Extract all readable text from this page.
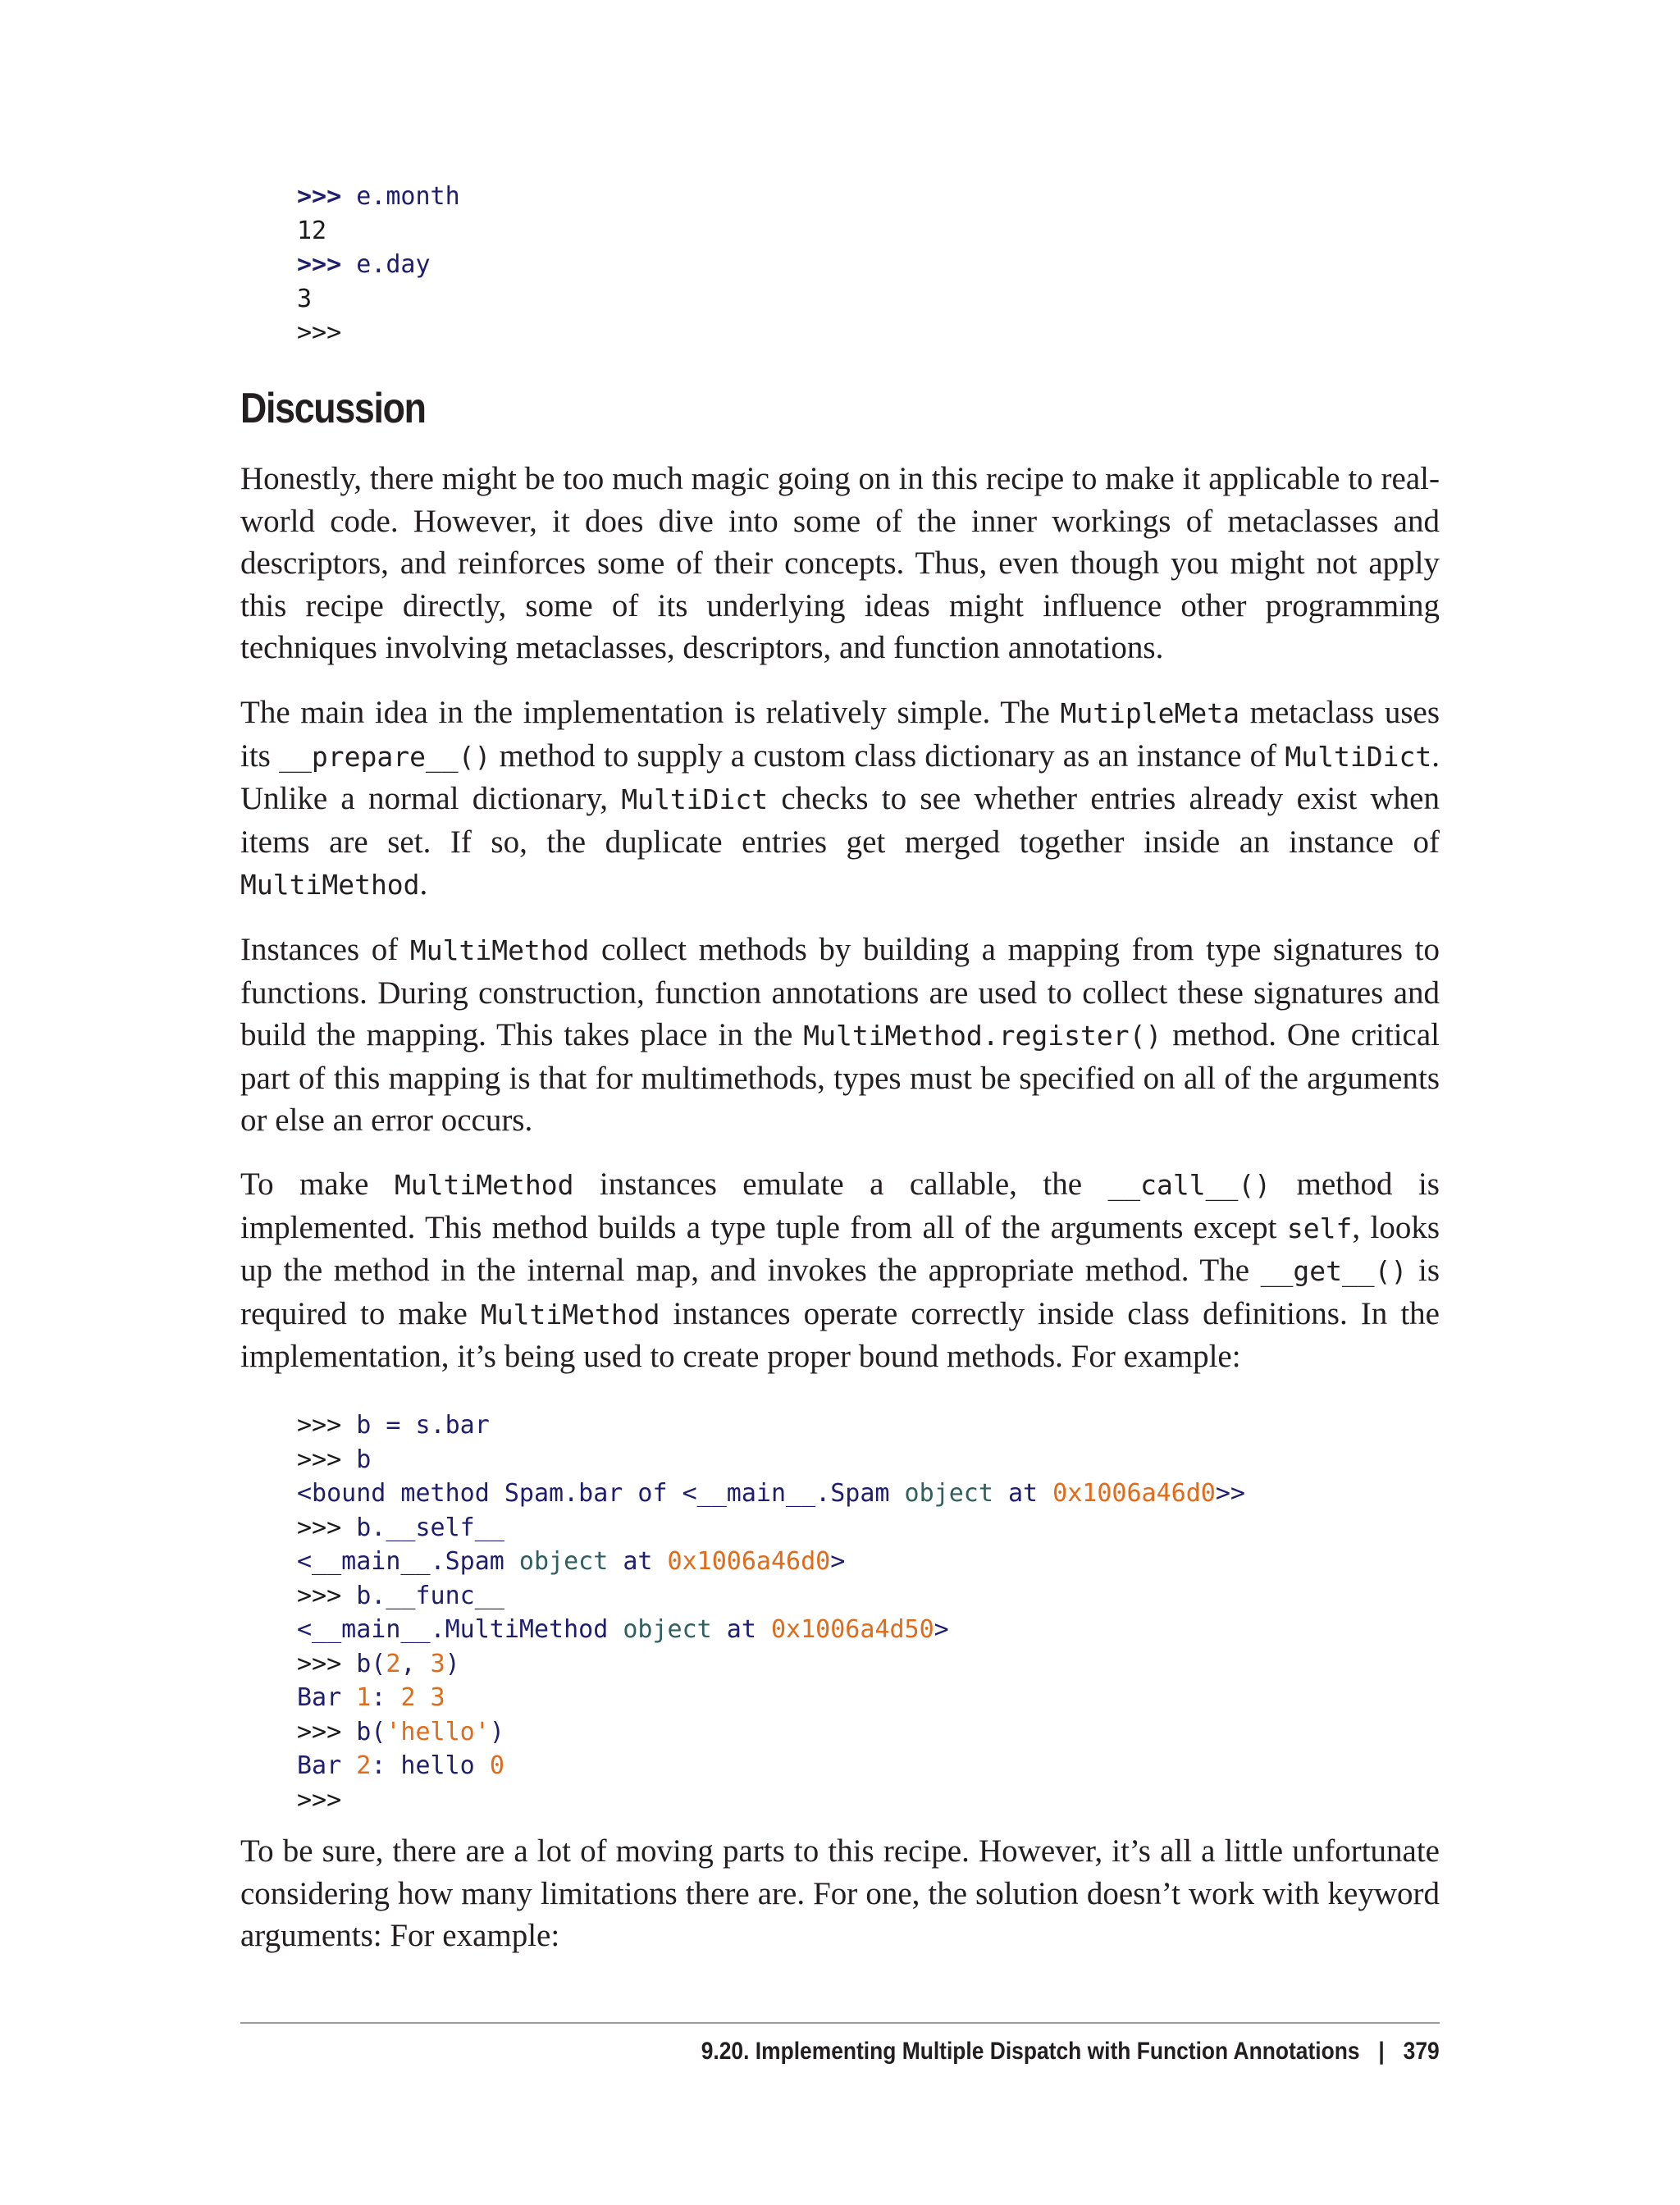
>>> e.month
12
>>> e.day
3
>>>
Discussion

Honestly, there might be too much magic going on in this recipe to make it applicable to real-world code. However, it does dive into some of the inner workings of metaclasses and descriptors, and reinforces some of their concepts. Thus, even though you might not apply this recipe directly, some of its underlying ideas might influence other programming techniques involving metaclasses, descriptors, and function annotations.

The main idea in the implementation is relatively simple. The MutipleMeta metaclass uses its __prepare__() method to supply a custom class dictionary as an instance of MultiDict. Unlike a normal dictionary, MultiDict checks to see whether entries already exist when items are set. If so, the duplicate entries get merged together inside an instance of MultiMethod.

Instances of MultiMethod collect methods by building a mapping from type signatures to functions. During construction, function annotations are used to collect these signatures and build the mapping. This takes place in the MultiMethod.register() method. One critical part of this mapping is that for multimethods, types must be specified on all of the arguments or else an error occurs.

To make MultiMethod instances emulate a callable, the __call__() method is implemented. This method builds a type tuple from all of the arguments except self, looks up the method in the internal map, and invokes the appropriate method. The __get__() is required to make MultiMethod instances operate correctly inside class definitions. In the implementation, it’s being used to create proper bound methods. For example:

>>> b = s.bar
>>> b
<bound method Spam.bar of <__main__.Spam object at 0x1006a46d0>>
>>> b.__self__
<__main__.Spam object at 0x1006a46d0>
>>> b.__func__
<__main__.MultiMethod object at 0x1006a4d50>
>>> b(2, 3)
Bar 1: 2 3
>>> b('hello')
Bar 2: hello 0
>>>

To be sure, there are a lot of moving parts to this recipe. However, it’s all a little unfortunate considering how many limitations there are. For one, the solution doesn’t work with keyword arguments: For example:

9.20. Implementing Multiple Dispatch with Function Annotations | 379
